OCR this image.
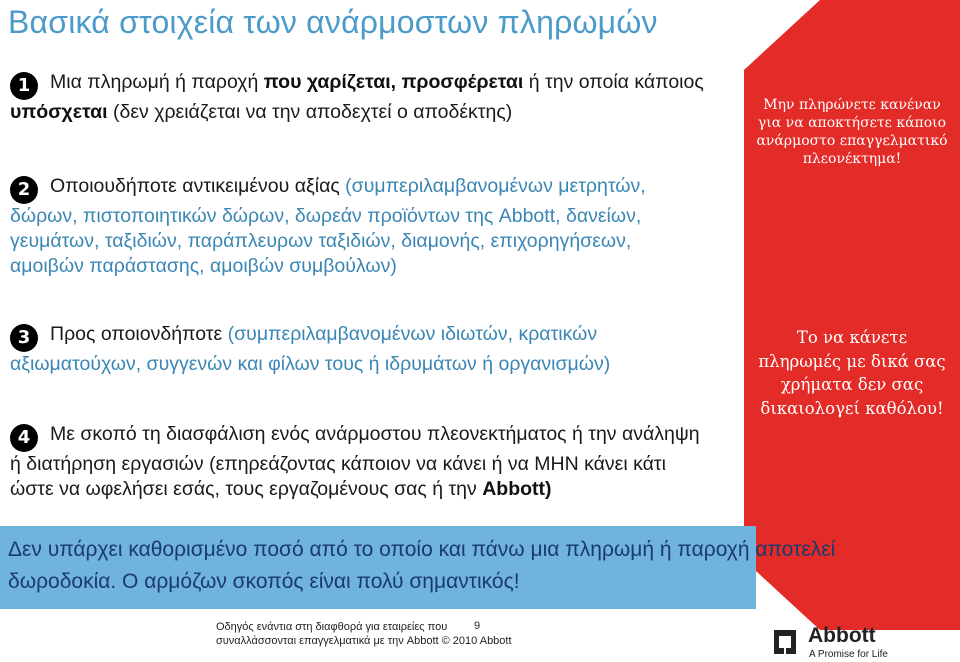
Βασικά στοιχεία των ανάρμοστων πληρωμών
1 Μια πληρωμή ή παροχή που χαρίζεται, προσφέρεται ή την οποία κάποιος υπόσχεται (δεν χρειάζεται να την αποδεχτεί ο αποδέκτης)
2 Οποιουδήποτε αντικειμένου αξίας (συμπεριλαμβανομένων μετρητών, δώρων, πιστοποιητικών δώρων, δωρεάν προϊόντων της Abbott, δανείων, γευμάτων, ταξιδιών, παράπλευρων ταξιδιών, διαμονής, επιχορηγήσεων, αμοιβών παράστασης, αμοιβών συμβούλων)
3 Προς οποιονδήποτε (συμπεριλαμβανομένων ιδιωτών, κρατικών αξιωματούχων, συγγενών και φίλων τους ή ιδρυμάτων ή οργανισμών)
4 Με σκοπό τη διασφάλιση ενός ανάρμοστου πλεονεκτήματος ή την ανάληψη ή διατήρηση εργασιών (επηρεάζοντας κάποιον να κάνει ή να ΜΗΝ κάνει κάτι ώστε να ωφελήσει εσάς, τους εργαζομένους σας ή την Abbott)
Μην πληρώνετε κανέναν για να αποκτήσετε κάποιο ανάρμοστο επαγγελματικό πλεονέκτημα!
Το να κάνετε πληρωμές με δικά σας χρήματα δεν σας δικαιολογεί καθόλου!
Δεν υπάρχει καθορισμένο ποσό από το οποίο και πάνω μια πληρωμή ή παροχή αποτελεί δωροδοκία. Ο αρμόζων σκοπός είναι πολύ σημαντικός!
Οδηγός ενάντια στη διαφθορά για εταιρείες που συναλλάσσονται επαγγελματικά με την Abbott © 2010 Abbott
9	Abbott
A Promise for Life
